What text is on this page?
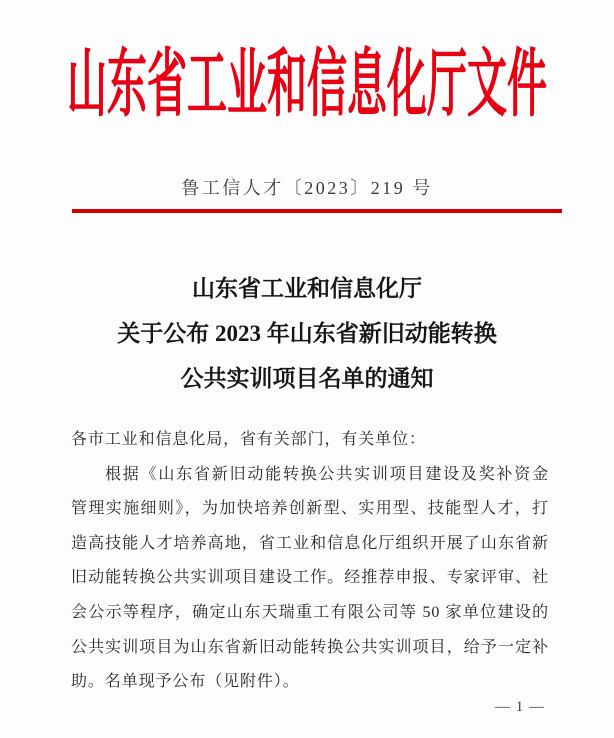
山东省工业和信息化厅文件
鲁工信人才〔2023〕219 号
山东省工业和信息化厅
关于公布 2023 年山东省新旧动能转换
公共实训项目名单的通知
各市工业和信息化局，省有关部门，有关单位：
根据《山东省新旧动能转换公共实训项目建设及奖补资金
管理实施细则》，为加快培养创新型、实用型、技能型人才，打
造高技能人才培养高地，省工业和信息化厅组织开展了山东省新
旧动能转换公共实训项目建设工作。经推荐申报、专家评审、社
会公示等程序，确定山东天瑞重工有限公司等 50 家单位建设的
公共实训项目为山东省新旧动能转换公共实训项目，给予一定补
助。名单现予公布（见附件）。
— 1 —
